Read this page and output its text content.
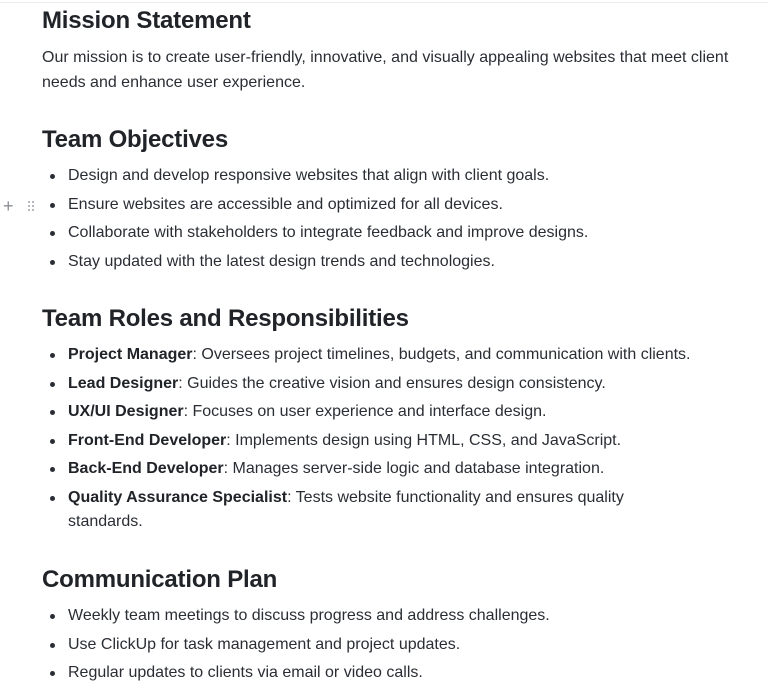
+
Mission Statement
Our mission is to create user-friendly, innovative, and visually appealing websites that meet client needs and enhance user experience.
Team Objectives
Design and develop responsive websites that align with client goals.
Ensure websites are accessible and optimized for all devices.
Collaborate with stakeholders to integrate feedback and improve designs.
Stay updated with the latest design trends and technologies.
Team Roles and Responsibilities
Project Manager: Oversees project timelines, budgets, and communication with clients.
Lead Designer: Guides the creative vision and ensures design consistency.
UX/UI Designer: Focuses on user experience and interface design.
Front-End Developer: Implements design using HTML, CSS, and JavaScript.
Back-End Developer: Manages server-side logic and database integration.
Quality Assurance Specialist: Tests website functionality and ensures quality standards.
Communication Plan
Weekly team meetings to discuss progress and address challenges.
Use ClickUp for task management and project updates.
Regular updates to clients via email or video calls.
